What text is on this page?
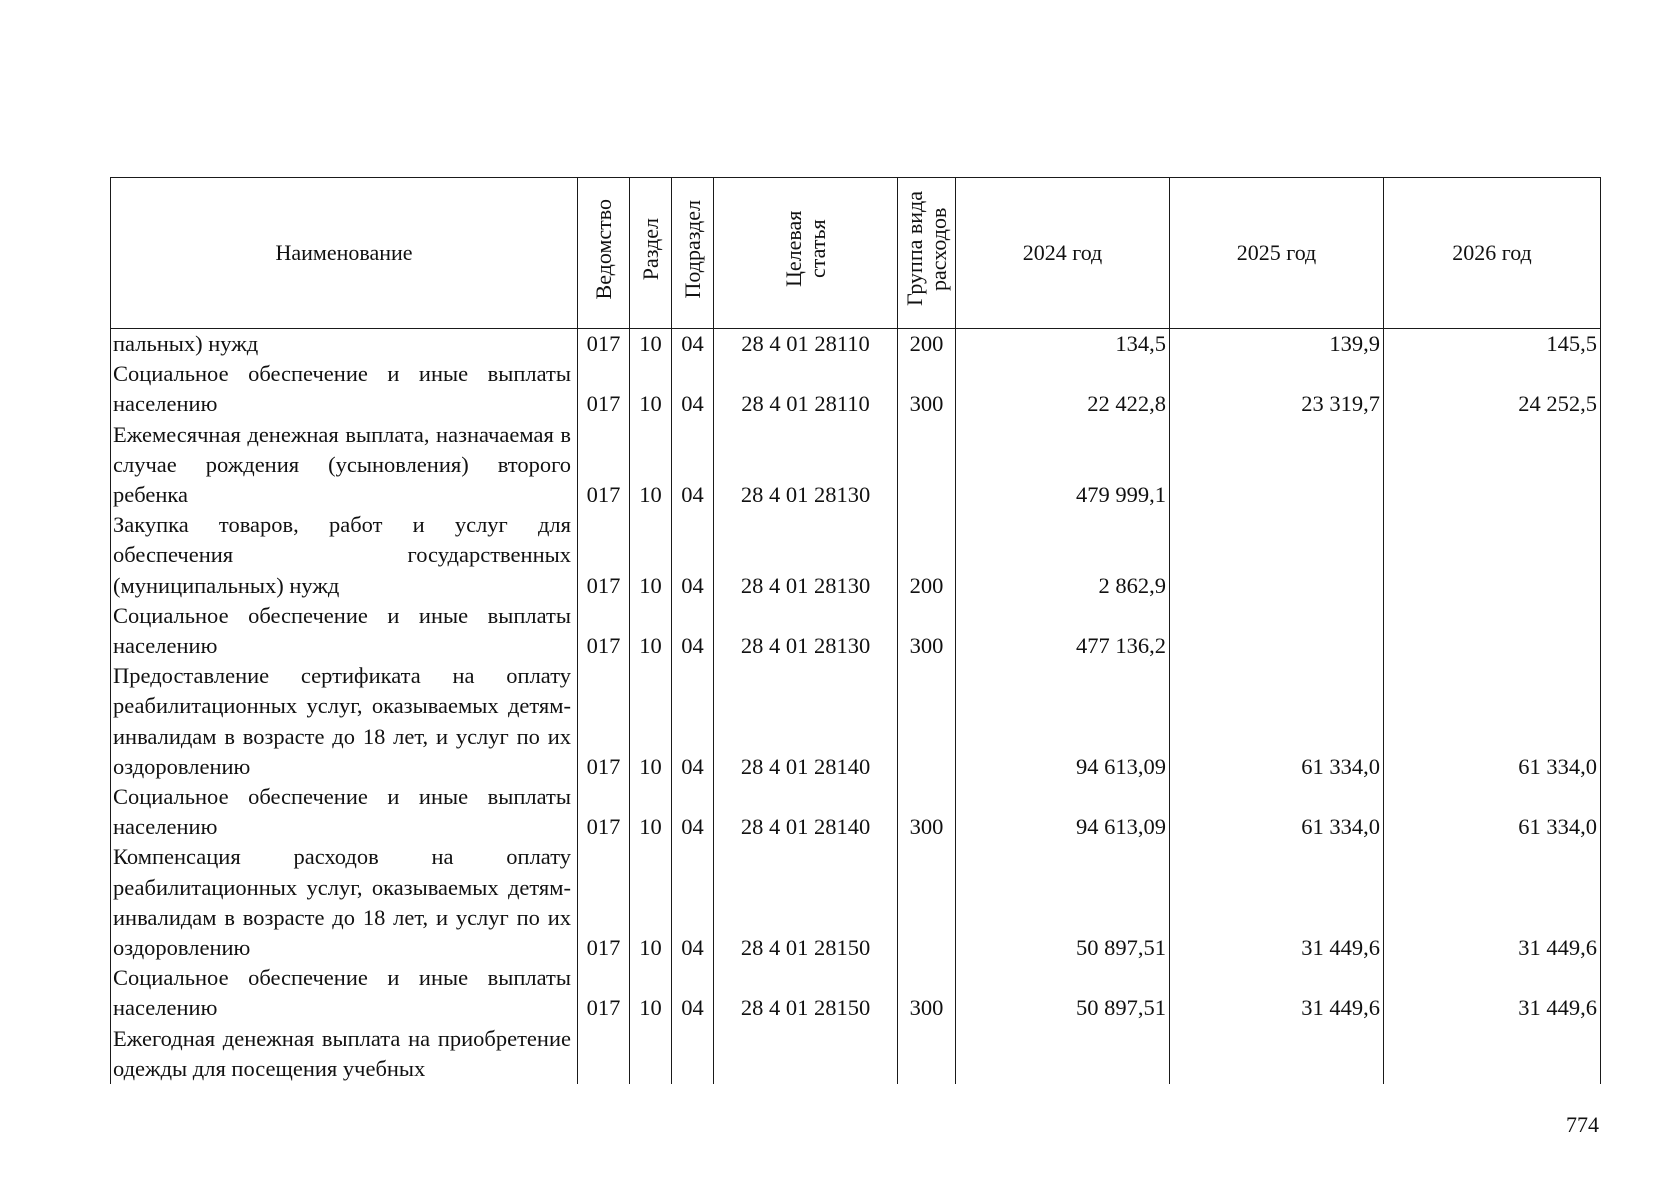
Наименование	Ведомство	Раздел	Подраздел	Целевая статья	Группа вида расходов	2024 год	2025 год	2026 год
пальных) нужд	017	10	04	28 4 01 28110	200	134,5	139,9	145,5
Социальное обеспечение и иные выплаты населению	017	10	04	28 4 01 28110	300	22 422,8	23 319,7	24 252,5
Ежемесячная денежная выплата, назначаемая в случае рождения (усыновления) второго ребенка	017	10	04	28 4 01 28130		479 999,1		
Закупка товаров, работ и услуг для обеспечения государственных (муниципальных) нужд	017	10	04	28 4 01 28130	200	2 862,9		
Социальное обеспечение и иные выплаты населению	017	10	04	28 4 01 28130	300	477 136,2		
Предоставление сертификата на оплату реабилитационных услуг, оказываемых детям-инвалидам в возрасте до 18 лет, и услуг по их оздоровлению	017	10	04	28 4 01 28140		94 613,09	61 334,0	61 334,0
Социальное обеспечение и иные выплаты населению	017	10	04	28 4 01 28140	300	94 613,09	61 334,0	61 334,0
Компенсация расходов на оплату реабилитационных услуг, оказываемых детям-инвалидам в возрасте до 18 лет, и услуг по их оздоровлению	017	10	04	28 4 01 28150		50 897,51	31 449,6	31 449,6
Социальное обеспечение и иные выплаты населению	017	10	04	28 4 01 28150	300	50 897,51	31 449,6	31 449,6
Ежегодная денежная выплата на приобретение одежды для посещения учебных								
774
